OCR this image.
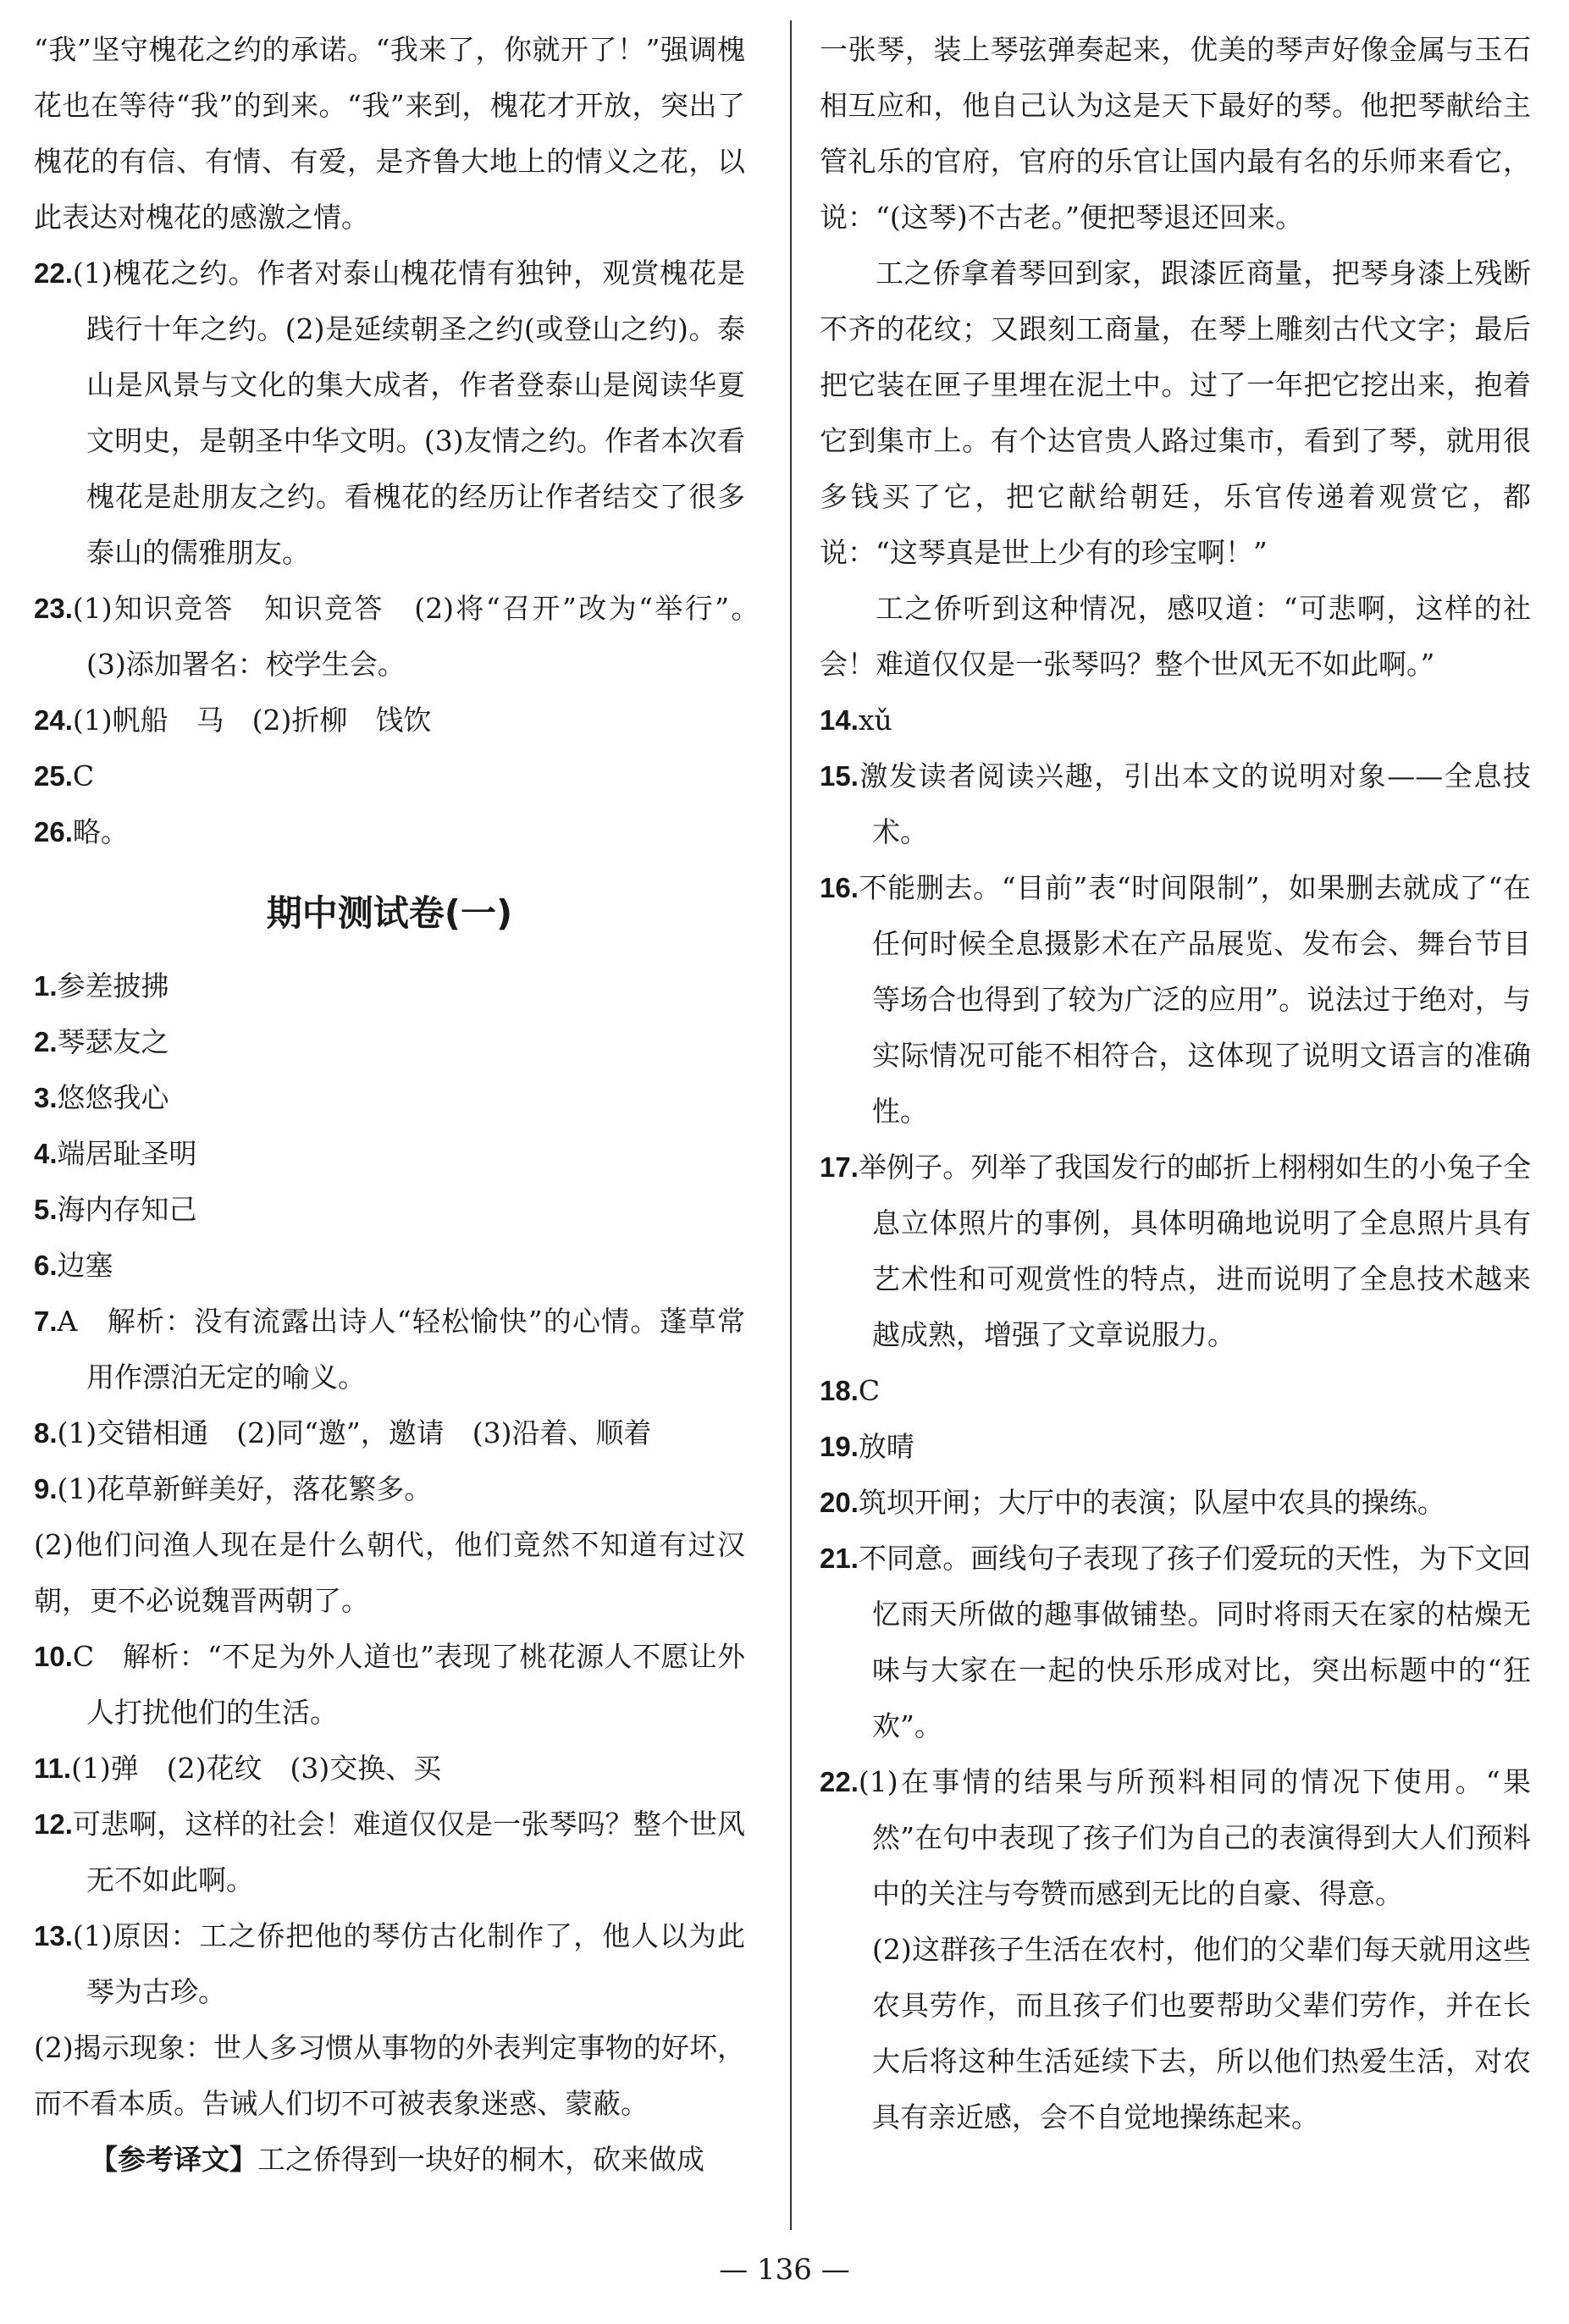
“我”坚守槐花之约的承诺。“我来了，你就开了！”强调槐花也在等待“我”的到来。“我”来到，槐花才开放，突出了槐花的有信、有情、有爱，是齐鲁大地上的情义之花，以此表达对槐花的感激之情。

22.(1)槐花之约。作者对泰山槐花情有独钟，观赏槐花是践行十年之约。(2)是延续朝圣之约(或登山之约)。泰山是风景与文化的集大成者，作者登泰山是阅读华夏文明史，是朝圣中华文明。(3)友情之约。作者本次看槐花是赴朋友之约。看槐花的经历让作者结交了很多泰山的儒雅朋友。

23.(1)知识竞答　知识竞答　(2)将“召开”改为“举行”。　(3)添加署名：校学生会。

24.(1)帆船　马　(2)折柳　饯饮

25.C

26.略。

期中测试卷(一)

1.参差披拂

2.琴瑟友之

3.悠悠我心

4.端居耻圣明

5.海内存知己

6.边塞

7.A　解析：没有流露出诗人“轻松愉快”的心情。蓬草常用作漂泊无定的喻义。

8.(1)交错相通　(2)同“邀”，邀请　(3)沿着、顺着

9.(1)花草新鲜美好，落花繁多。

(2)他们问渔人现在是什么朝代，他们竟然不知道有过汉朝，更不必说魏晋两朝了。

10.C　解析：“不足为外人道也”表现了桃花源人不愿让外人打扰他们的生活。

11.(1)弹　(2)花纹　(3)交换、买

12.可悲啊，这样的社会！难道仅仅是一张琴吗？整个世风无不如此啊。

13.(1)原因：工之侨把他的琴仿古化制作了，他人以为此琴为古珍。

(2)揭示现象：世人多习惯从事物的外表判定事物的好坏，而不看本质。告诫人们切不可被表象迷惑、蒙蔽。

【参考译文】工之侨得到一块好的桐木，砍来做成

一张琴，装上琴弦弹奏起来，优美的琴声好像金属与玉石相互应和，他自己认为这是天下最好的琴。他把琴献给主管礼乐的官府，官府的乐官让国内最有名的乐师来看它，说：“(这琴)不古老。”便把琴退还回来。

工之侨拿着琴回到家，跟漆匠商量，把琴身漆上残断不齐的花纹；又跟刻工商量，在琴上雕刻古代文字；最后把它装在匣子里埋在泥土中。过了一年把它挖出来，抱着它到集市上。有个达官贵人路过集市，看到了琴，就用很多钱买了它，把它献给朝廷，乐官传递着观赏它，都说：“这琴真是世上少有的珍宝啊！”

工之侨听到这种情况，感叹道：“可悲啊，这样的社会！难道仅仅是一张琴吗？整个世风无不如此啊。”

14.xǔ

15.激发读者阅读兴趣，引出本文的说明对象——全息技术。

16.不能删去。“目前”表“时间限制”，如果删去就成了“在任何时候全息摄影术在产品展览、发布会、舞台节目等场合也得到了较为广泛的应用”。说法过于绝对，与实际情况可能不相符合，这体现了说明文语言的准确性。

17.举例子。列举了我国发行的邮折上栩栩如生的小兔子全息立体照片的事例，具体明确地说明了全息照片具有艺术性和可观赏性的特点，进而说明了全息技术越来越成熟，增强了文章说服力。

18.C

19.放晴

20.筑坝开闸；大厅中的表演；队屋中农具的操练。

21.不同意。画线句子表现了孩子们爱玩的天性，为下文回忆雨天所做的趣事做铺垫。同时将雨天在家的枯燥无味与大家在一起的快乐形成对比，突出标题中的“狂欢”。

22.(1)在事情的结果与所预料相同的情况下使用。“果然”在句中表现了孩子们为自己的表演得到大人们预料中的关注与夸赞而感到无比的自豪、得意。

(2)这群孩子生活在农村，他们的父辈们每天就用这些农具劳作，而且孩子们也要帮助父辈们劳作，并在长大后将这种生活延续下去，所以他们热爱生活，对农具有亲近感，会不自觉地操练起来。

— 136 —
